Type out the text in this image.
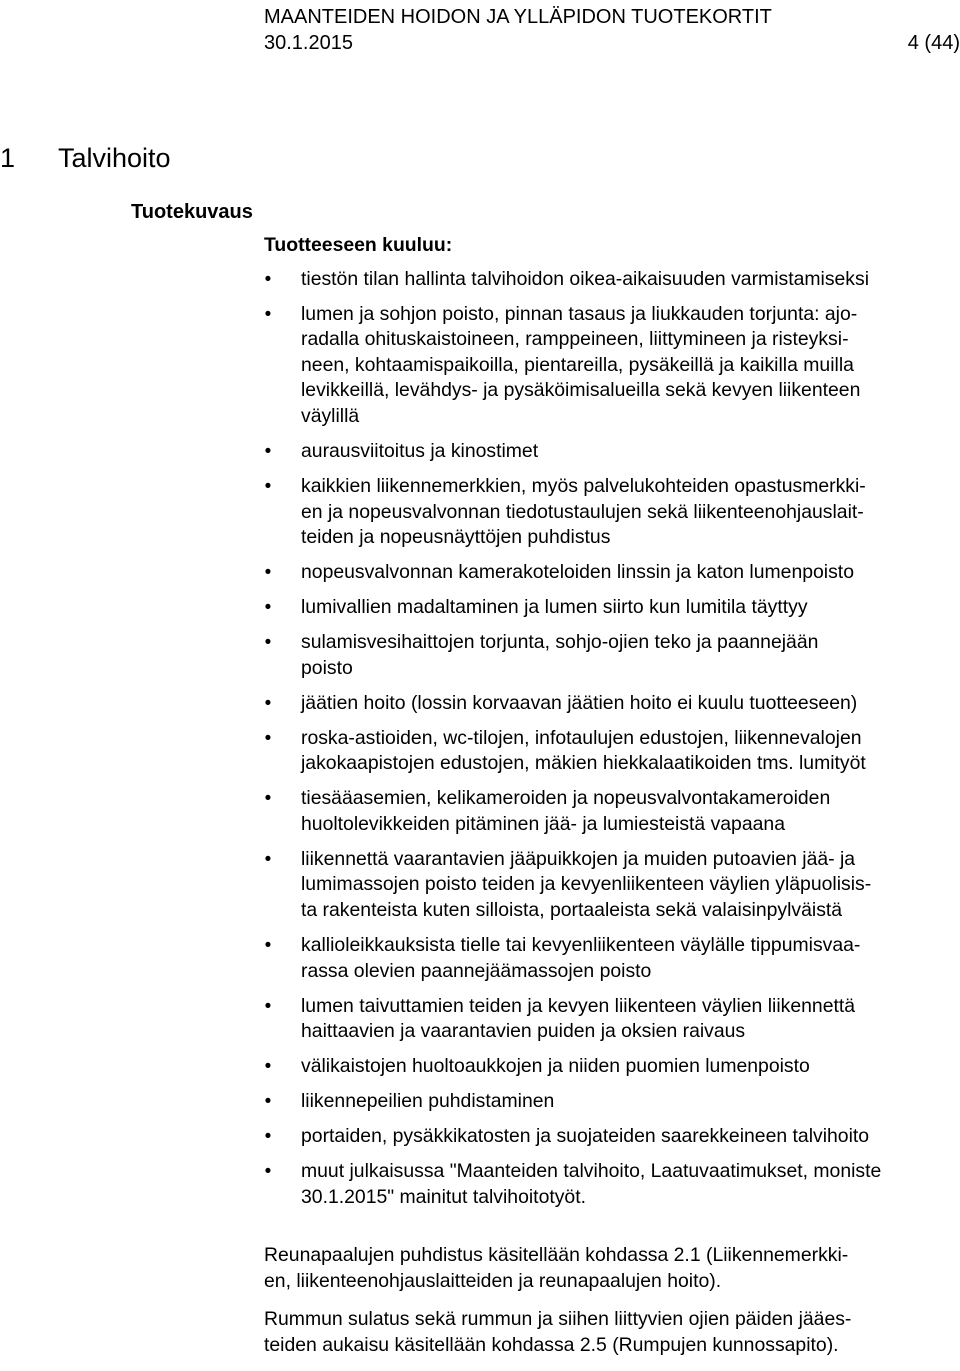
MAANTEIDEN HOIDON JA YLLÄPIDON TUOTEKORTIT
30.1.2015	4 (44)
1 Talvihoito
Tuotekuvaus

Tuotteeseen kuuluu:

• tiestön tilan hallinta talvihoidon oikea-aikaisuuden varmistamiseksi
• lumen ja sohjon poisto, pinnan tasaus ja liukkauden torjunta: ajo-
radalla ohituskaistoineen, ramppeineen, liittymineen ja risteyksi-
neen, kohtaamispaikoilla, pientareilla, pysäkeillä ja kaikilla muilla
levikkeillä, levähdys- ja pysäköimisalueilla sekä kevyen liikenteen
väylillä
• aurausviitoitus ja kinostimet
• kaikkien liikennemerkkien, myös palvelukohteiden opastusmerkki-
en ja nopeusvalvonnan tiedotustaulujen sekä liikenteenohjauslait-
teiden ja nopeusnäyttöjen puhdistus
• nopeusvalvonnan kamerakoteloiden linssin ja katon lumenpoisto
• lumivallien madaltaminen ja lumen siirto kun lumitila täyttyy
• sulamisvesihaittojen torjunta, sohjo-ojien teko ja paannejään
poisto
• jäätien hoito (lossin korvaavan jäätien hoito ei kuulu tuotteeseen)
• roska-astioiden, wc-tilojen, infotaulujen edustojen, liikennevalojen
jakokaapistojen edustojen, mäkien hiekkalaatikoiden tms. lumityöt
• tiesääasemien, kelikameroiden ja nopeusvalvontakameroiden
huoltolevikkeiden pitäminen jää- ja lumiesteistä vapaana
• liikennettä vaarantavien jääpuikkojen ja muiden putoavien jää- ja
lumimassojen poisto teiden ja kevyenliikenteen väylien yläpuolisis-
ta rakenteista kuten silloista, portaaleista sekä valaisinpylväistä
• kallioleikkauksista tielle tai kevyenliikenteen väylälle tippumisvaa-
rassa olevien paannejäämassojen poisto
• lumen taivuttamien teiden ja kevyen liikenteen väylien liikennettä
haittaavien ja vaarantavien puiden ja oksien raivaus
• välikaistojen huoltoaukkojen ja niiden puomien lumenpoisto
• liikennepeilien puhdistaminen
• portaiden, pysäkkikatosten ja suojateiden saarekkeineen talvihoito
• muut julkaisussa "Maanteiden talvihoito, Laatuvaatimukset, moniste
30.1.2015" mainitut talvihoitotyöt.

Reunapaalujen puhdistus käsitellään kohdassa 2.1 (Liikennemerkki-
en, liikenteenohjauslaitteiden ja reunapaalujen hoito).

Rummun sulatus sekä rummun ja siihen liittyvien ojien päiden jääes-
teiden aukaisu käsitellään kohdassa 2.5 (Rumpujen kunnossapito).
